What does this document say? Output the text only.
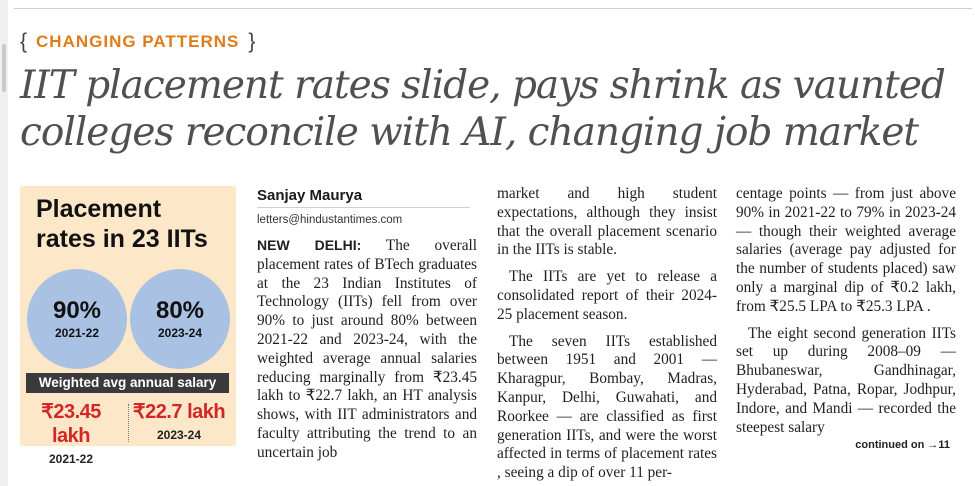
{ CHANGING PATTERNS }
IIT placement rates slide, pays shrink as vaunted
colleges reconcile with AI, changing job market
Placement
rates in 23 IITs
90%
2021-22
80%
2023-24
Weighted avg annual salary
₹23.45 lakh
2021-22
₹22.7 lakh
2023-24
Sanjay Maurya
letters@hindustantimes.com

NEW DELHI: The overall placement rates of BTech graduates at the 23 Indian Institutes of Technology (IITs) fell from over 90% to just around 80% between 2021-22 and 2023-24, with the weighted average annual salaries reducing marginally from ₹23.45 lakh to ₹22.7 lakh, an HT analysis shows, with IIT administrators and faculty attributing the trend to an uncertain job

market and high student expectations, although they insist that the overall placement scenario in the IITs is stable.

The IITs are yet to release a consolidated report of their 2024-25 placement season.

The seven IITs established between 1951 and 2001 — Kharagpur, Bombay, Madras, Kanpur, Delhi, Guwahati, and Roorkee — are classified as first generation IITs, and were the worst affected in terms of placement rates , seeing a dip of over 11 per-

centage points — from just above 90% in 2021-22 to 79% in 2023-24 — though their weighted average salaries (average pay adjusted for the number of students placed) saw only a marginal dip of ₹0.2 lakh, from ₹25.5 LPA to ₹25.3 LPA .

The eight second generation IITs set up during 2008–09 — Bhubaneswar, Gandhinagar, Hyderabad, Patna, Ropar, Jodhpur, Indore, and Mandi — recorded the steepest salary

continued on →11
